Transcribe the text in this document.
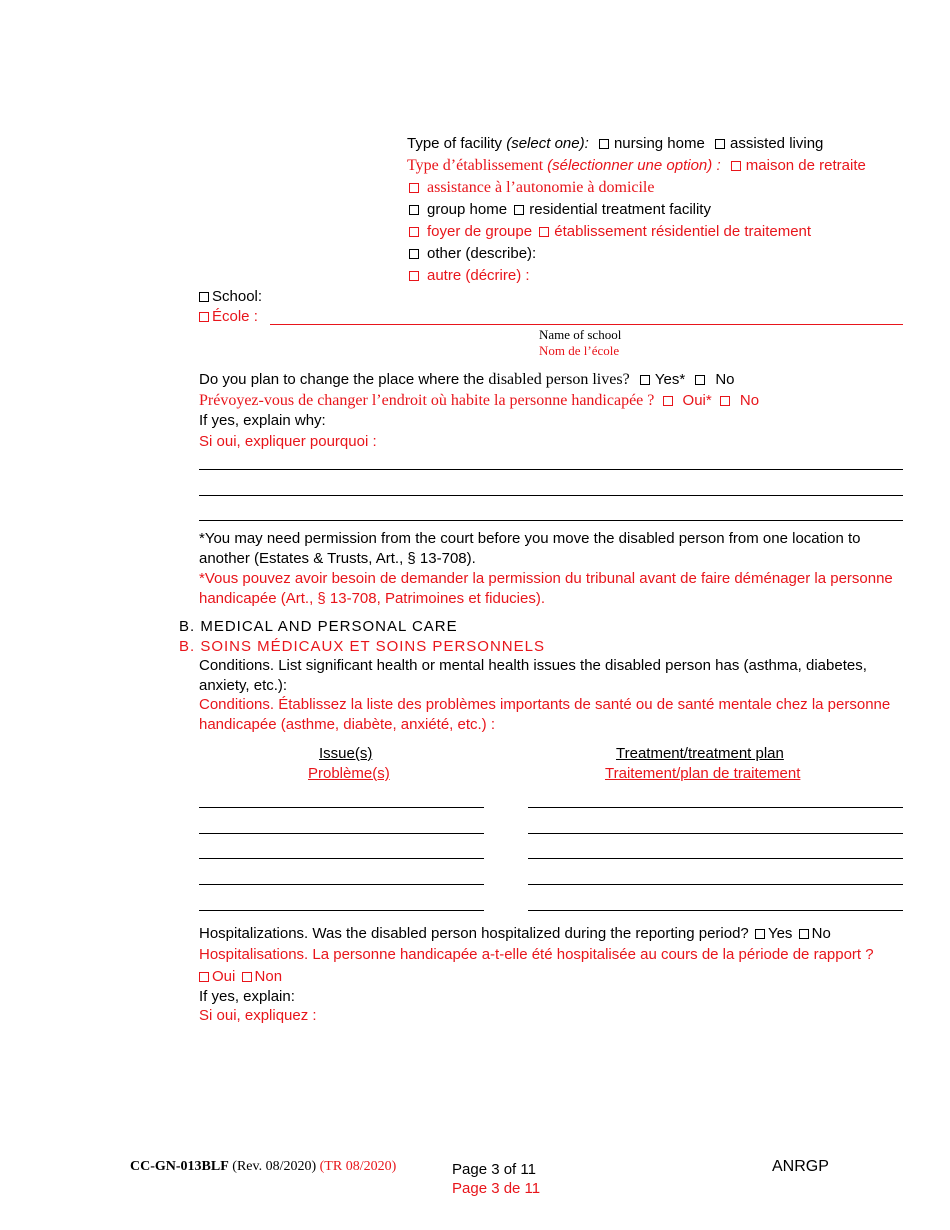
Type of facility (select one): nursing home assisted living
Type d’établissement (sélectionner une option) : maison de retraite
assistance à l’autonomie à domicile
group home residential treatment facility
foyer de groupe établissement résidentiel de traitement
other (describe):
autre (décrire) :
School:
École :
Name of school
Nom de l’école
Do you plan to change the place where the disabled person lives? Yes* No
Prévoyez-vous de changer l’endroit où habite la personne handicapée ? Oui* No
If yes, explain why:
Si oui, expliquer pourquoi :
*You may need permission from the court before you move the disabled person from one location to another (Estates & Trusts, Art., § 13-708).
*Vous pouvez avoir besoin de demander la permission du tribunal avant de faire déménager la personne handicapée (Art., § 13-708, Patrimoines et fiducies).
B. MEDICAL AND PERSONAL CARE
B. SOINS MÉDICAUX ET SOINS PERSONNELS
Conditions. List significant health or mental health issues the disabled person has (asthma, diabetes, anxiety, etc.):
Conditions. Établissez la liste des problèmes importants de santé ou de santé mentale chez la personne handicapée (asthme, diabète, anxiété, etc.) :
Issue(s)
Problème(s)
Treatment/treatment plan
Traitement/plan de traitement
Hospitalizations. Was the disabled person hospitalized during the reporting period? Yes No
Hospitalisations. La personne handicapée a-t-elle été hospitalisée au cours de la période de rapport ?
Oui Non
If yes, explain:
Si oui, expliquez :
CC-GN-013BLF (Rev. 08/2020) (TR 08/2020)	Page 3 of 11
Page 3 de 11
ANRGP
